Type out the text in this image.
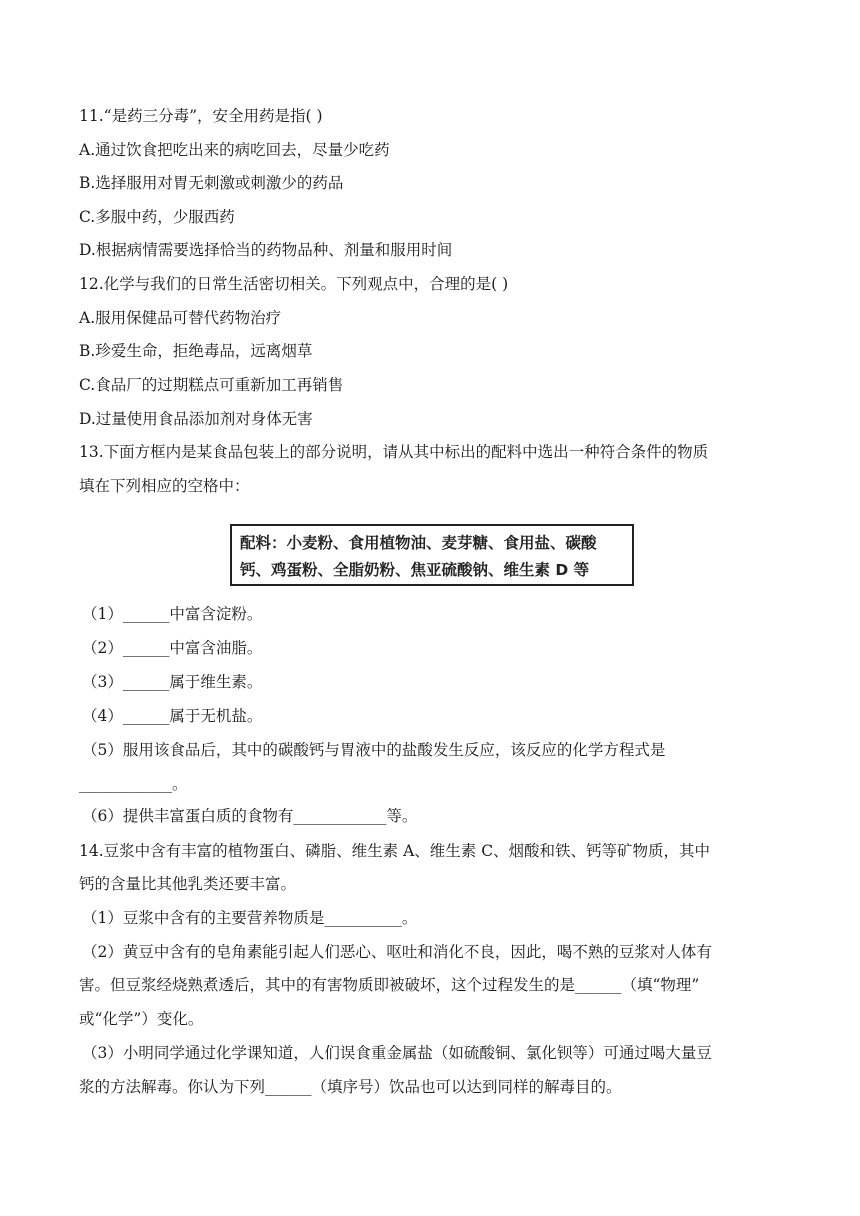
11.“是药三分毒”，安全用药是指( )
A.通过饮食把吃出来的病吃回去，尽量少吃药
B.选择服用对胃无刺激或刺激少的药品
C.多服中药，少服西药
D.根据病情需要选择恰当的药物品种、剂量和服用时间
12.化学与我们的日常生活密切相关。下列观点中，合理的是( )
A.服用保健品可替代药物治疗
B.珍爱生命，拒绝毒品，远离烟草
C.食品厂的过期糕点可重新加工再销售
D.过量使用食品添加剂对身体无害
13.下面方框内是某食品包装上的部分说明，请从其中标出的配料中选出一种符合条件的物质
填在下列相应的空格中：
配料：小麦粉、食用植物油、麦芽糖、食用盐、碳酸
钙、鸡蛋粉、全脂奶粉、焦亚硫酸钠、维生素 D 等
（1）______中富含淀粉。
（2）______中富含油脂。
（3）______属于维生素。
（4）______属于无机盐。
（5）服用该食品后，其中的碳酸钙与胃液中的盐酸发生反应，该反应的化学方程式是
____________。
（6）提供丰富蛋白质的食物有____________等。
14.豆浆中含有丰富的植物蛋白、磷脂、维生素 A、维生素 C、烟酸和铁、钙等矿物质，其中
钙的含量比其他乳类还要丰富。
（1）豆浆中含有的主要营养物质是__________。
（2）黄豆中含有的皂角素能引起人们恶心、呕吐和消化不良，因此，喝不熟的豆浆对人体有
害。但豆浆经烧熟煮透后，其中的有害物质即被破坏，这个过程发生的是______（填“物理”
或“化学”）变化。
（3）小明同学通过化学课知道，人们误食重金属盐（如硫酸铜、氯化钡等）可通过喝大量豆
浆的方法解毒。你认为下列______（填序号）饮品也可以达到同样的解毒目的。
